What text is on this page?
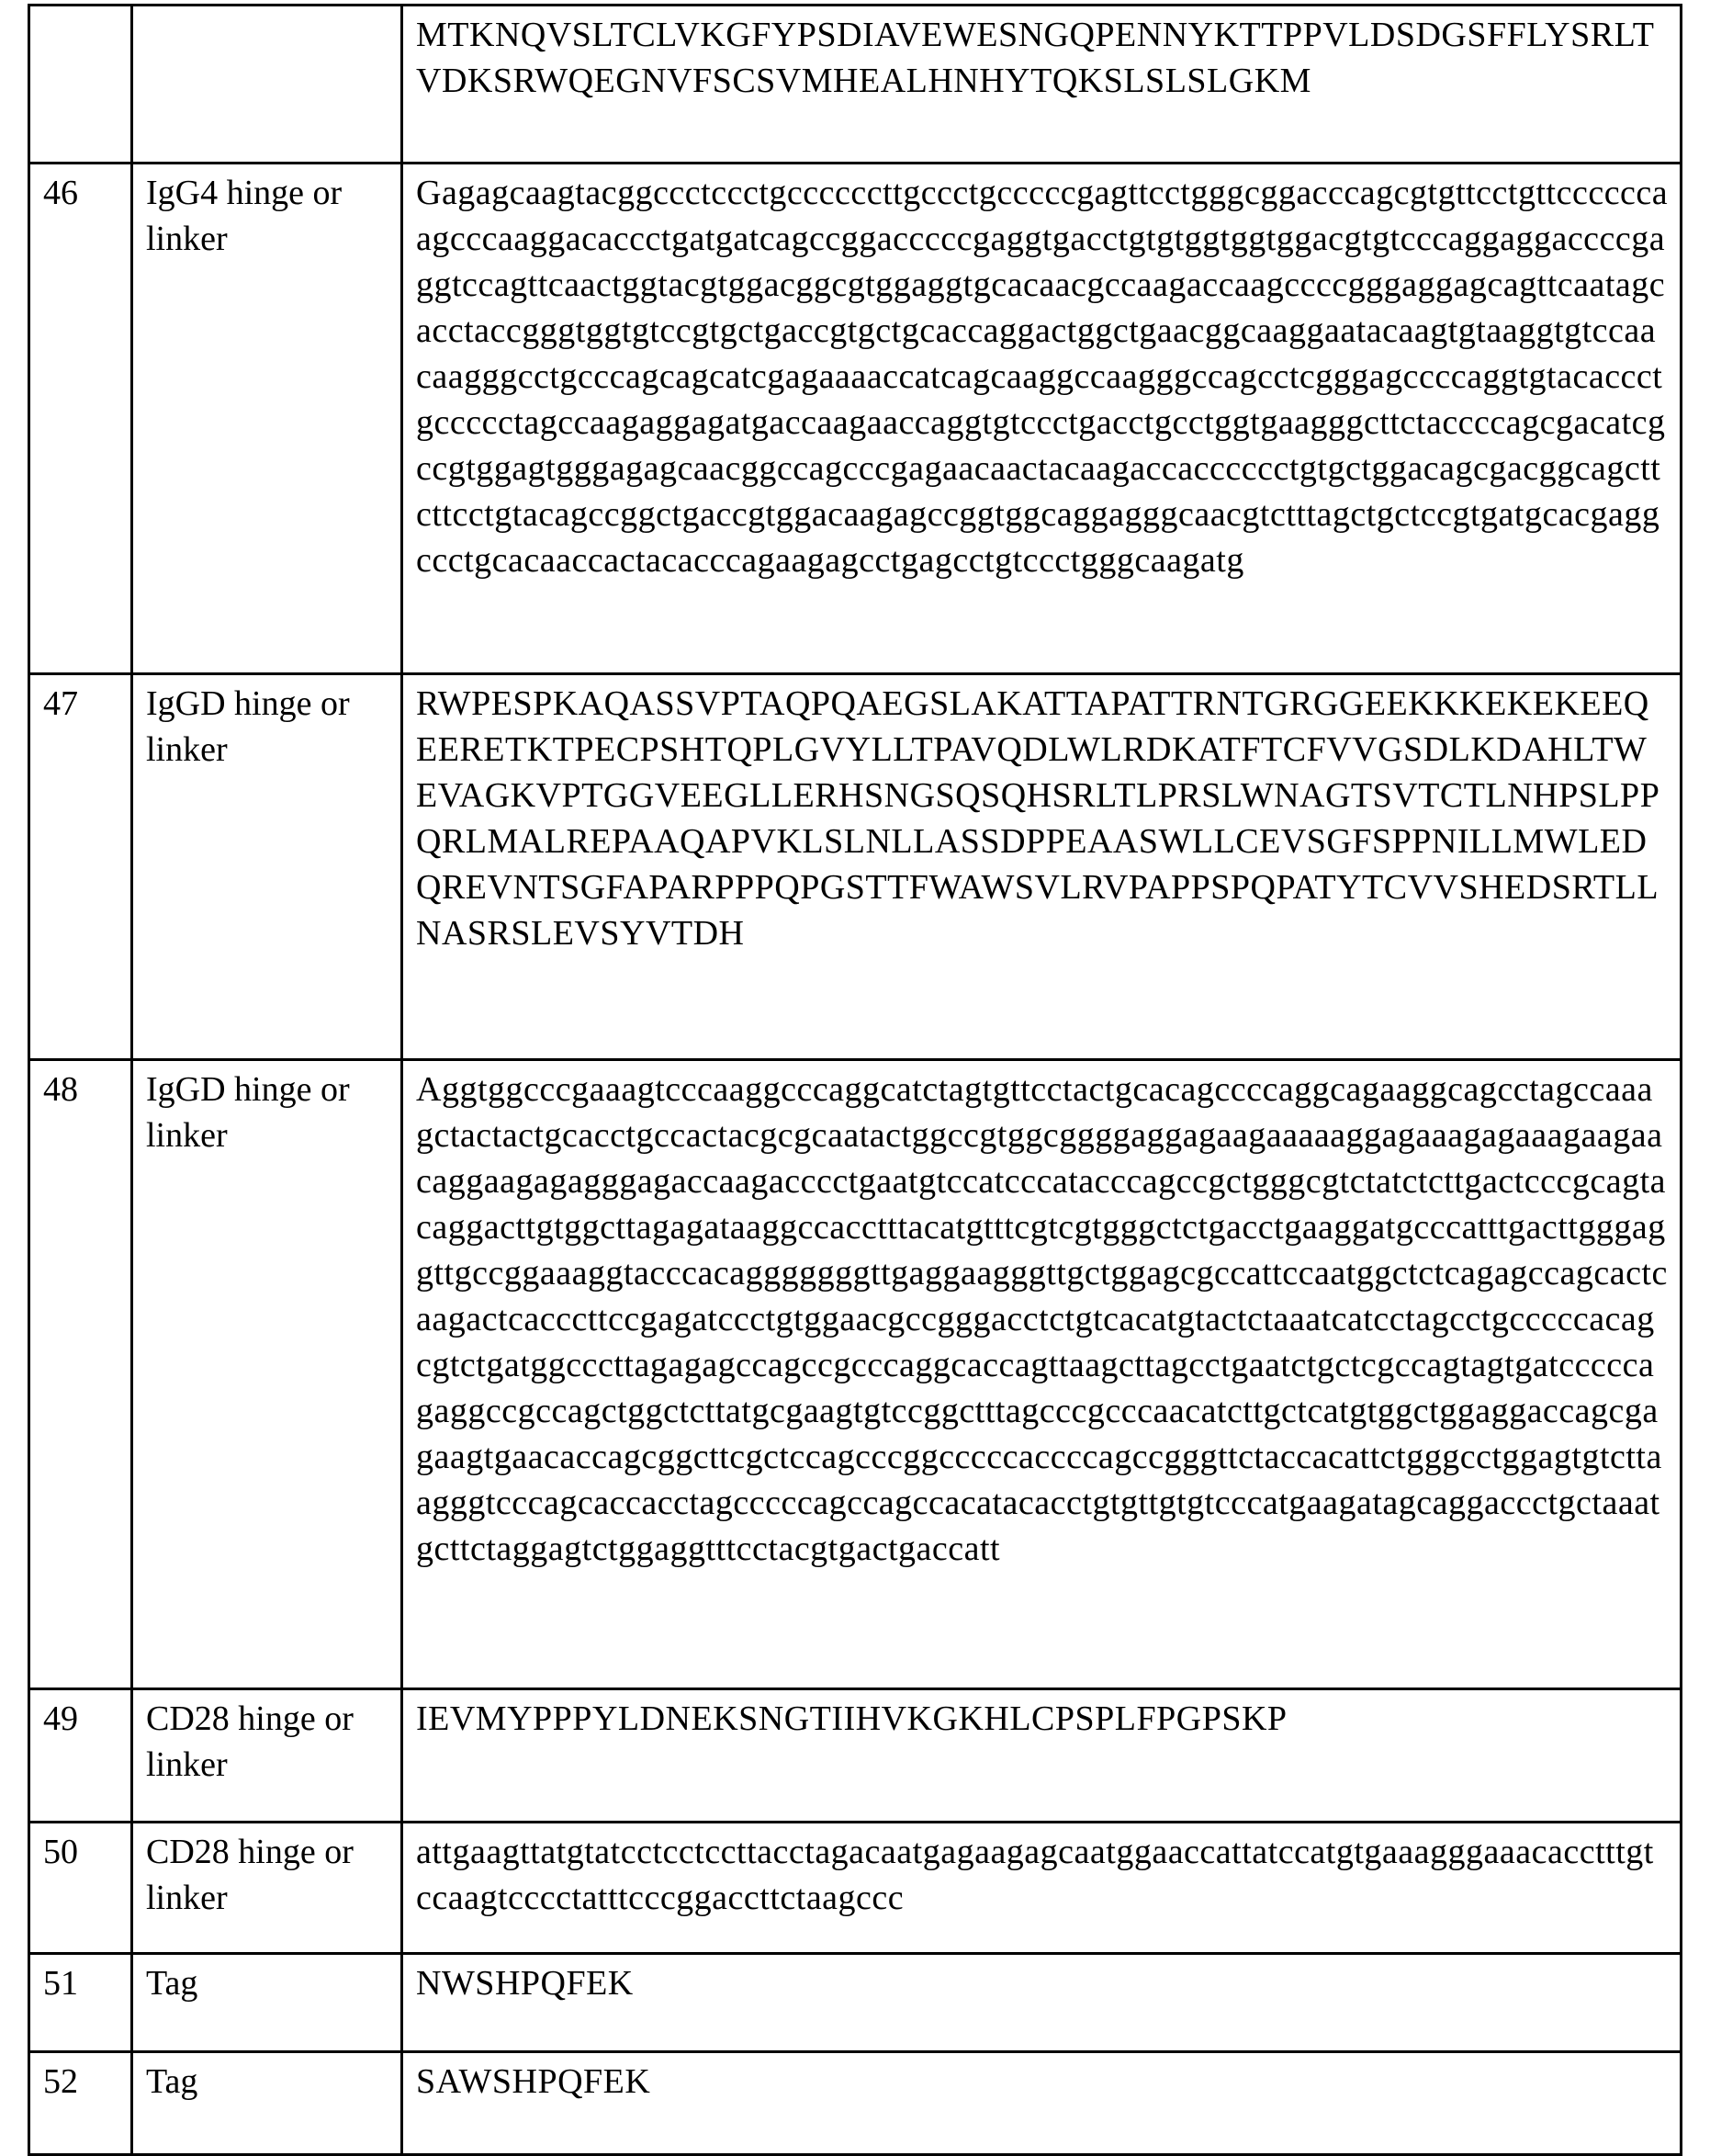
		MTKNQVSLTCLVKGFYPSDIAVEWESNGQPENNYKTTPPVLDSDGSFFLYSRLTVDKSRWQEGNVFSCSVMHEALHNHYTQKSLSLSLGKM
46	IgG4 hinge or linker	Gagagcaagtacggccctccctgccccccttgccctgcccccgagttcctgggcggacccagcgtgttcctgttccccccaagcccaaggacaccctgatgatcagccggacccccgaggtgacctgtgtggtggtggacgtgtcccaggaggaccccgaggtccagttcaactggtacgtggacggcgtggaggtgcacaacgccaagaccaagccccgggaggagcagttcaatagcacctaccgggtggtgtccgtgctgaccgtgctgcaccaggactggctgaacggcaaggaatacaagtgtaaggtgtccaacaagggcctgcccagcagcatcgagaaaaccatcagcaaggccaagggccagcctcgggagccccaggtgtacaccctgccccctagccaagaggagatgaccaagaaccaggtgtccctgacctgcctggtgaagggcttctaccccagcgacatcgccgtggagtgggagagcaacggccagcccgagaacaactacaagaccacccccctgtgctggacagcgacggcagcttcttcctgtacagccggctgaccgtggacaagagccggtggcaggagggcaacgtctttagctgctccgtgatgcacgaggccctgcacaaccactacacccagaagagcctgagcctgtccctgggcaagatg
47	IgGD hinge or linker	RWPESPKAQASSVPTAQPQAEGSLAKATTAPATTRNTGRGGEEKKKEKEKEEQEERETKTPECPSHTQPLGVYLLTPAVQDLWLRDKATFTCFVVGSDLKDAHLTWEVAGKVPTGGVEEGLLERHSNGSQSQHSRLTLPRSLWNAGTSVTCTLNHPSLPPQRLMALREPAAQAPVKLSLNLLASSDPPEAASWLLCEVSGFSPPNILLMWLEDQREVNTSGFAPARPPPQPGSTTFWAWSVLRVPAPPSPQPATYTCVVSHEDSRTLLNASRSLEVSYVTDH
48	IgGD hinge or linker	Aggtggcccgaaagtcccaaggcccaggcatctagtgttcctactgcacagccccaggcagaaggcagcctagccaaagctactactgcacctgccactacgcgcaatactggccgtggcggggaggagaagaaaaaggagaaagagaaagaagaacaggaagagagggagaccaagacccctgaatgtccatcccatacccagccgctgggcgtctatctcttgactcccgcagtacaggacttgtggcttagagataaggccacctttacatgtttcgtcgtgggctctgacctgaaggatgcccatttgacttgggaggttgccggaaaggtacccacagggggggttgaggaagggttgctggagcgccattccaatggctctcagagccagcactcaagactcacccttccgagatccctgtggaacgccgggacctctgtcacatgtactctaaatcatcctagcctgcccccacagcgtctgatggcccttagagagccagccgcccaggcaccagttaagcttagcctgaatctgctcgccagtagtgatcccccagaggccgccagctggctcttatgcgaagtgtccggctttagcccgcccaacatcttgctcatgtggctggaggaccagcgagaagtgaacaccagcggcttcgctccagcccggcccccaccccagccgggttctaccacattctgggcctggagtgtcttaagggtcccagcaccacctagcccccagccagccacatacacctgtgttgtgtcccatgaagatagcaggaccctgctaaatgcttctaggagtctggaggtttcctacgtgactgaccatt
49	CD28 hinge or linker	IEVMYPPPYLDNEKSNGTIIHVKGKHLCPSPLFPGPSKP
50	CD28 hinge or linker	attgaagttatgtatcctcctccttacctagacaatgagaagagcaatggaaccattatccatgtgaaagggaaacacctttgtccaagtcccctatttcccggaccttctaagccc
51	Tag	NWSHPQFEK
52	Tag	SAWSHPQFEK
